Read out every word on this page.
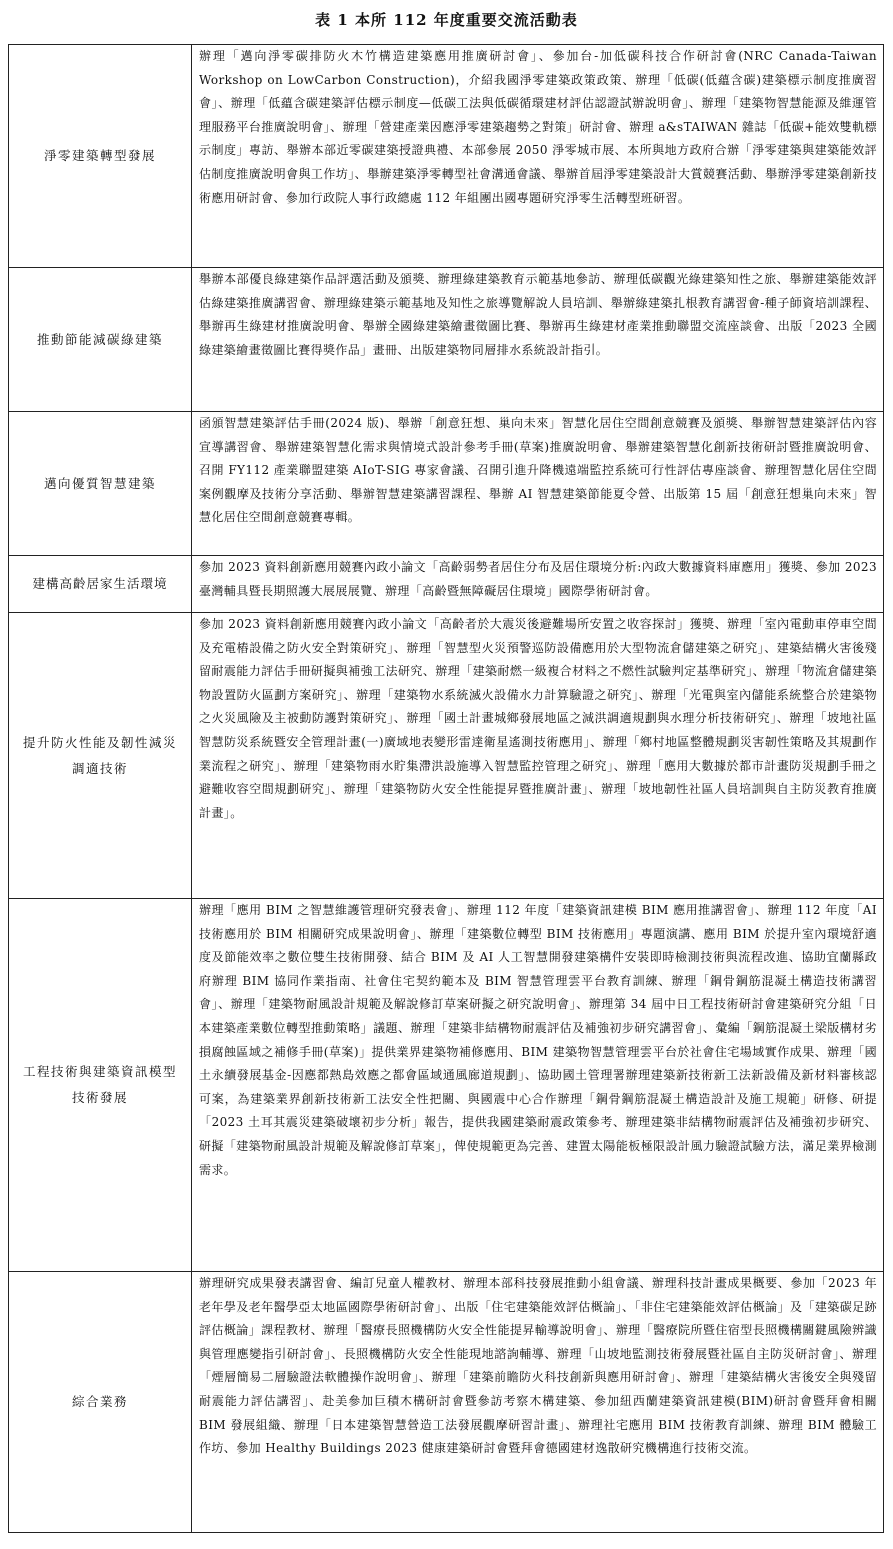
表 1 本所 112 年度重要交流活動表
淨零建築轉型發展	辦理「邁向淨零碳排防火木竹構造建築應用推廣研討會」、參加台-加低碳科技合作研討會(NRC Canada-Taiwan Workshop on LowCarbon Construction)，介紹我國淨零建築政策政策、辦理「低碳(低蘊含碳)建築標示制度推廣習會」、辦理「低蘊含碳建築評估標示制度—低碳工法與低碳循環建材評估認證試辦說明會」、辦理「建築物智慧能源及維運管理服務平台推廣說明會」、辦理「營建產業因應淨零建築趨勢之對策」研討會、辦理 a&sTAIWAN 雜誌「低碳+能效雙軌標示制度」專訪、舉辦本部近零碳建築授證典禮、本部參展 2050 淨零城市展、本所與地方政府合辦「淨零建築與建築能效評估制度推廣說明會與工作坊」、舉辦建築淨零轉型社會溝通會議、舉辦首屆淨零建築設計大賞競賽活動、舉辦淨零建築創新技術應用研討會、參加行政院人事行政總處 112 年組團出國專題研究淨零生活轉型班研習。
推動節能減碳綠建築	舉辦本部優良綠建築作品評選活動及頒獎、辦理綠建築教育示範基地參訪、辦理低碳觀光綠建築知性之旅、舉辦建築能效評估綠建築推廣講習會、辦理綠建築示範基地及知性之旅導覽解說人員培訓、舉辦綠建築扎根教育講習會-種子師資培訓課程、舉辦再生綠建材推廣說明會、舉辦全國綠建築繪畫徵圖比賽、舉辦再生綠建材產業推動聯盟交流座談會、出版「2023 全國綠建築繪畫徵圖比賽得獎作品」畫冊、出版建築物同層排水系統設計指引。
邁向優質智慧建築	函頒智慧建築評估手冊(2024 版)、舉辦「創意狂想、巢向未來」智慧化居住空間創意競賽及頒獎、舉辦智慧建築評估內容宣導講習會、舉辦建築智慧化需求與情境式設計參考手冊(草案)推廣說明會、舉辦建築智慧化創新技術研討暨推廣說明會、召開 FY112 產業聯盟建築 AIoT-SIG 專家會議、召開引進升降機遠端監控系統可行性評估專座談會、辦理智慧化居住空間案例觀摩及技術分享活動、舉辦智慧建築講習課程、舉辦 AI 智慧建築節能夏令營、出版第 15 屆「創意狂想巢向未來」智慧化居住空間創意競賽專輯。
建構高齡居家生活環境	參加 2023 資料創新應用競賽內政小論文「高齡弱勢者居住分布及居住環境分析:內政大數據資料庫應用」獲獎、參加 2023 臺灣輔具暨長期照護大展展展覽、辦理「高齡暨無障礙居住環境」國際學術研討會。
提升防火性能及韌性減災調適技術	參加 2023 資料創新應用競賽內政小論文「高齡者於大震災後避難場所安置之收容探討」獲獎、辦理「室內電動車停車空間及充電樁設備之防火安全對策研究」、辦理「智慧型火災預警巡防設備應用於大型物流倉儲建築之研究」、建築結構火害後殘留耐震能力評估手冊研擬與補強工法研究、辦理「建築耐燃一級複合材料之不燃性試驗判定基準研究」、辦理「物流倉儲建築物設置防火區劃方案研究」、辦理「建築物水系統滅火設備水力計算驗證之研究」、辦理「光電與室內儲能系統整合於建築物之火災風險及主被動防護對策研究」、辦理「國土計畫城鄉發展地區之減洪調適規劃與水理分析技術研究」、辦理「坡地社區智慧防災系統暨安全管理計畫(一)廣域地表變形雷達衛星遙測技術應用」、辦理「鄉村地區整體規劃災害韌性策略及其規劃作業流程之研究」、辦理「建築物雨水貯集滯洪設施導入智慧監控管理之研究」、辦理「應用大數據於都市計畫防災規劃手冊之避難收容空間規劃研究」、辦理「建築物防火安全性能提昇暨推廣計畫」、辦理「坡地韌性社區人員培訓與自主防災教育推廣計畫」。
工程技術與建築資訊模型技術發展	辦理「應用 BIM 之智慧維護管理研究發表會」、辦理 112 年度「建築資訊建模 BIM 應用推講習會」、辦理 112 年度「AI 技術應用於 BIM 相關研究成果說明會」、辦理「建築數位轉型 BIM 技術應用」專題演講、應用 BIM 於提升室內環境舒適度及節能效率之數位雙生技術開發、結合 BIM 及 AI 人工智慧開發建築構件安裝即時檢測技術與流程改進、協助宜蘭縣政府辦理 BIM 協同作業指南、社會住宅契約範本及 BIM 智慧管理雲平台教育訓練、辦理「鋼骨鋼筋混凝土構造技術講習會」、辦理「建築物耐風設計規範及解說修訂草案研擬之研究說明會」、辦理第 34 屆中日工程技術研討會建築研究分組「日本建築產業數位轉型推動策略」議題、辦理「建築非結構物耐震評估及補強初步研究講習會」、彙編「鋼筋混凝土梁版構材劣損腐蝕區域之補修手冊(草案)」提供業界建築物補修應用、BIM 建築物智慧管理雲平台於社會住宅場域實作成果、辦理「國土永續發展基金-因應都熱島效應之都會區域通風廊道規劃」、協助國土管理署辦理建築新技術新工法新設備及新材料審核認可案，為建築業界創新技術新工法安全性把關、與國震中心合作辦理「鋼骨鋼筋混凝土構造設計及施工規範」研修、研提「2023 土耳其震災建築破壞初步分析」報告，提供我國建築耐震政策參考、辦理建築非結構物耐震評估及補強初步研究、研擬「建築物耐風設計規範及解說修訂草案」，俾使規範更為完善、建置太陽能板極限設計風力驗證試驗方法，滿足業界檢測需求。
綜合業務	辦理研究成果發表講習會、編訂兒童人權教材、辦理本部科技發展推動小組會議、辦理科技計畫成果概要、參加「2023 年老年學及老年醫學亞太地區國際學術研討會」、出版「住宅建築能效評估概論」、「非住宅建築能效評估概論」及「建築碳足跡評估概論」課程教材、辦理「醫療長照機構防火安全性能提昇輸導說明會」、辦理「醫療院所暨住宿型長照機構關鍵風險辨識與管理應變指引研討會」、長照機構防火安全性能現地諮詢輔導、辦理「山坡地監測技術發展暨社區自主防災研討會」、辦理「煙層簡易二層驗證法軟體操作說明會」、辦理「建築前瞻防火科技創新與應用研討會」、辦理「建築結構火害後安全與殘留耐震能力評估講習」、赴美參加巨積木構研討會暨參訪考察木構建築、參加紐西蘭建築資訊建模(BIM)研討會暨拜會相關 BIM 發展組織、辦理「日本建築智慧營造工法發展觀摩研習計畫」、辦理社宅應用 BIM 技術教育訓練、辦理 BIM 體驗工作坊、參加 Healthy Buildings 2023 健康建築研討會暨拜會德國建材逸散研究機構進行技術交流。
